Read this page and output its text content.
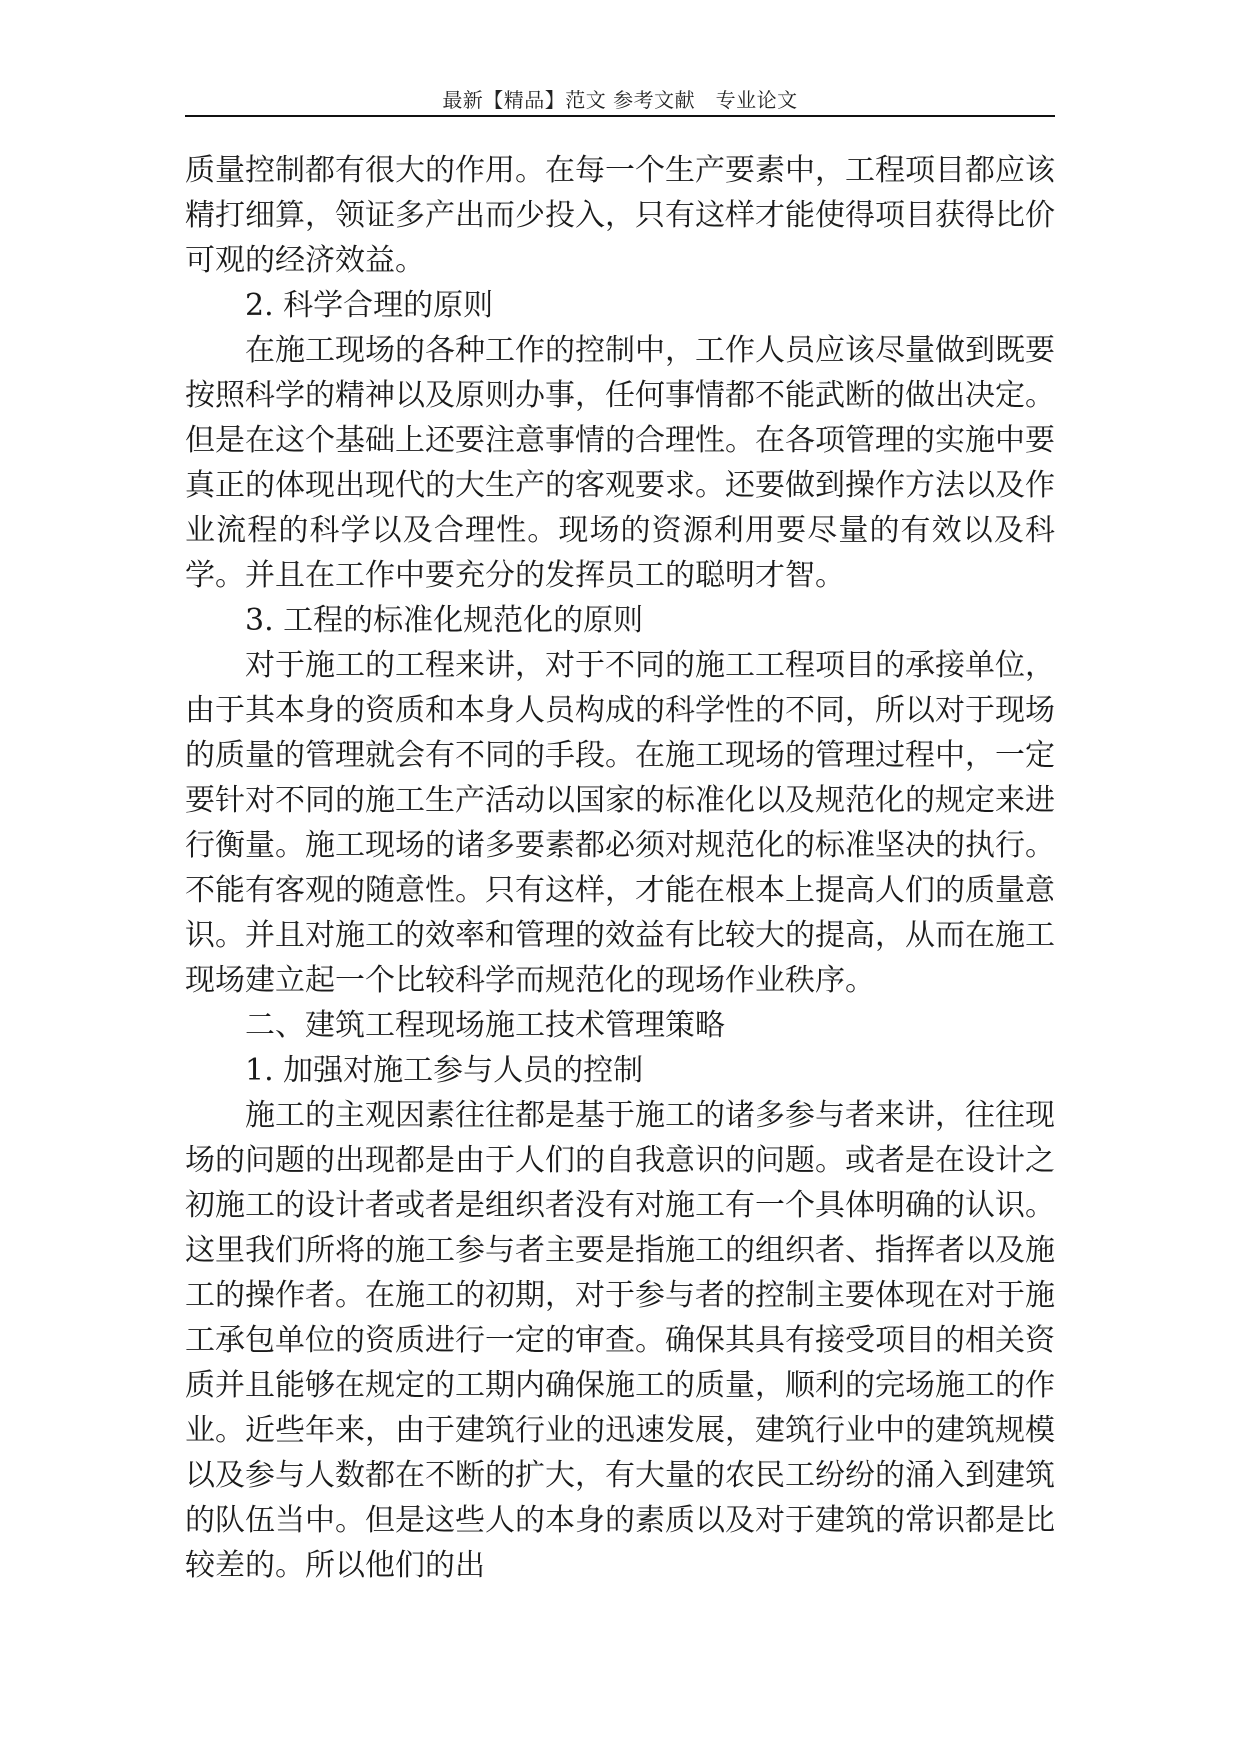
最新【精品】范文 参考文献　专业论文

质量控制都有很大的作用。在每一个生产要素中，工程项目都应该精打细算，领证多产出而少投入，只有这样才能使得项目获得比价可观的经济效益。

2. 科学合理的原则

在施工现场的各种工作的控制中，工作人员应该尽量做到既要按照科学的精神以及原则办事，任何事情都不能武断的做出决定。但是在这个基础上还要注意事情的合理性。在各项管理的实施中要真正的体现出现代的大生产的客观要求。还要做到操作方法以及作业流程的科学以及合理性。现场的资源利用要尽量的有效以及科学。并且在工作中要充分的发挥员工的聪明才智。

3. 工程的标准化规范化的原则

对于施工的工程来讲，对于不同的施工工程项目的承接单位，由于其本身的资质和本身人员构成的科学性的不同，所以对于现场的质量的管理就会有不同的手段。在施工现场的管理过程中，一定要针对不同的施工生产活动以国家的标准化以及规范化的规定来进行衡量。施工现场的诸多要素都必须对规范化的标准坚决的执行。不能有客观的随意性。只有这样，才能在根本上提高人们的质量意识。并且对施工的效率和管理的效益有比较大的提高，从而在施工现场建立起一个比较科学而规范化的现场作业秩序。

二、建筑工程现场施工技术管理策略

1. 加强对施工参与人员的控制

施工的主观因素往往都是基于施工的诸多参与者来讲，往往现场的问题的出现都是由于人们的自我意识的问题。或者是在设计之初施工的设计者或者是组织者没有对施工有一个具体明确的认识。这里我们所将的施工参与者主要是指施工的组织者、指挥者以及施工的操作者。在施工的初期，对于参与者的控制主要体现在对于施工承包单位的资质进行一定的审查。确保其具有接受项目的相关资质并且能够在规定的工期内确保施工的质量，顺利的完场施工的作业。近些年来，由于建筑行业的迅速发展，建筑行业中的建筑规模以及参与人数都在不断的扩大，有大量的农民工纷纷的涌入到建筑的队伍当中。但是这些人的本身的素质以及对于建筑的常识都是比较差的。所以他们的出
